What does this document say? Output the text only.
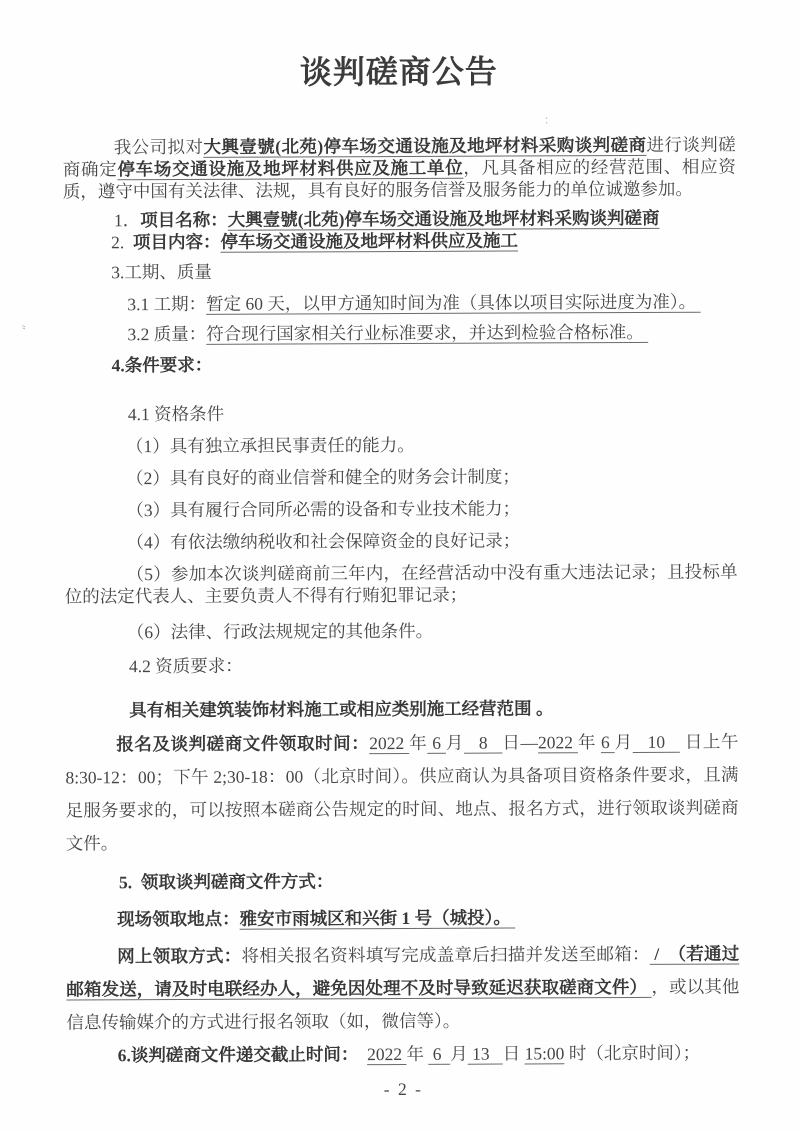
〟
∶
谈判磋商公告

我公司拟对大興壹號(北苑)停车场交通设施及地坪材料采购谈判磋商进行谈判磋商确定停车场交通设施及地坪材料供应及施工单位，凡具备相应的经营范围、相应资质，遵守中国有关法律、法规，具有良好的服务信誉及服务能力的单位诚邀参加。

1．项目名称：大興壹號(北苑)停车场交通设施及地坪材料采购谈判磋商

2.  项目内容：停车场交通设施及地坪材料供应及施工

3.工期、质量

3.1 工期：暂定 60 天，以甲方通知时间为准（具体以项目实际进度为准）。

3.2 质量：符合现行国家相关行业标准要求，并达到检验合格标准。

4.条件要求：

4.1 资格条件

（1）具有独立承担民事责任的能力。

（2）具有良好的商业信誉和健全的财务会计制度；

（3）具有履行合同所必需的设备和专业技术能力；

（4）有依法缴纳税收和社会保障资金的良好记录；

（5）参加本次谈判磋商前三年内，在经营活动中没有重大违法记录；且投标单位的法定代表人、主要负责人不得有行贿犯罪记录；

（6）法律、行政法规规定的其他条件。

4.2 资质要求：

具有相关建筑装饰材料施工或相应类别施工经营范围 。

报名及谈判磋商文件领取时间：2022 年 6 月   8   日—2022 年 6 月   10    日上午8:30-12：00；下午 2;30-18：00（北京时间）。供应商认为具备项目资格条件要求，且满足服务要求的，可以按照本磋商公告规定的时间、地点、报名方式，进行领取谈判磋商文件。

5.  领取谈判磋商文件方式：

现场领取地点：雅安市雨城区和兴街 1 号（城投）。

网上领取方式：将相关报名资料填写完成盖章后扫描并发送至邮箱： /  （若通过邮箱发送，请及时电联经办人，避免因处理不及时导致延迟获取磋商文件） ，或以其他信息传输媒介的方式进行报名领取（如，微信等）。

6.谈判磋商文件递交截止时间： 2022 年  6  月 13   日 15:00 时（北京时间）；

- 2 -
